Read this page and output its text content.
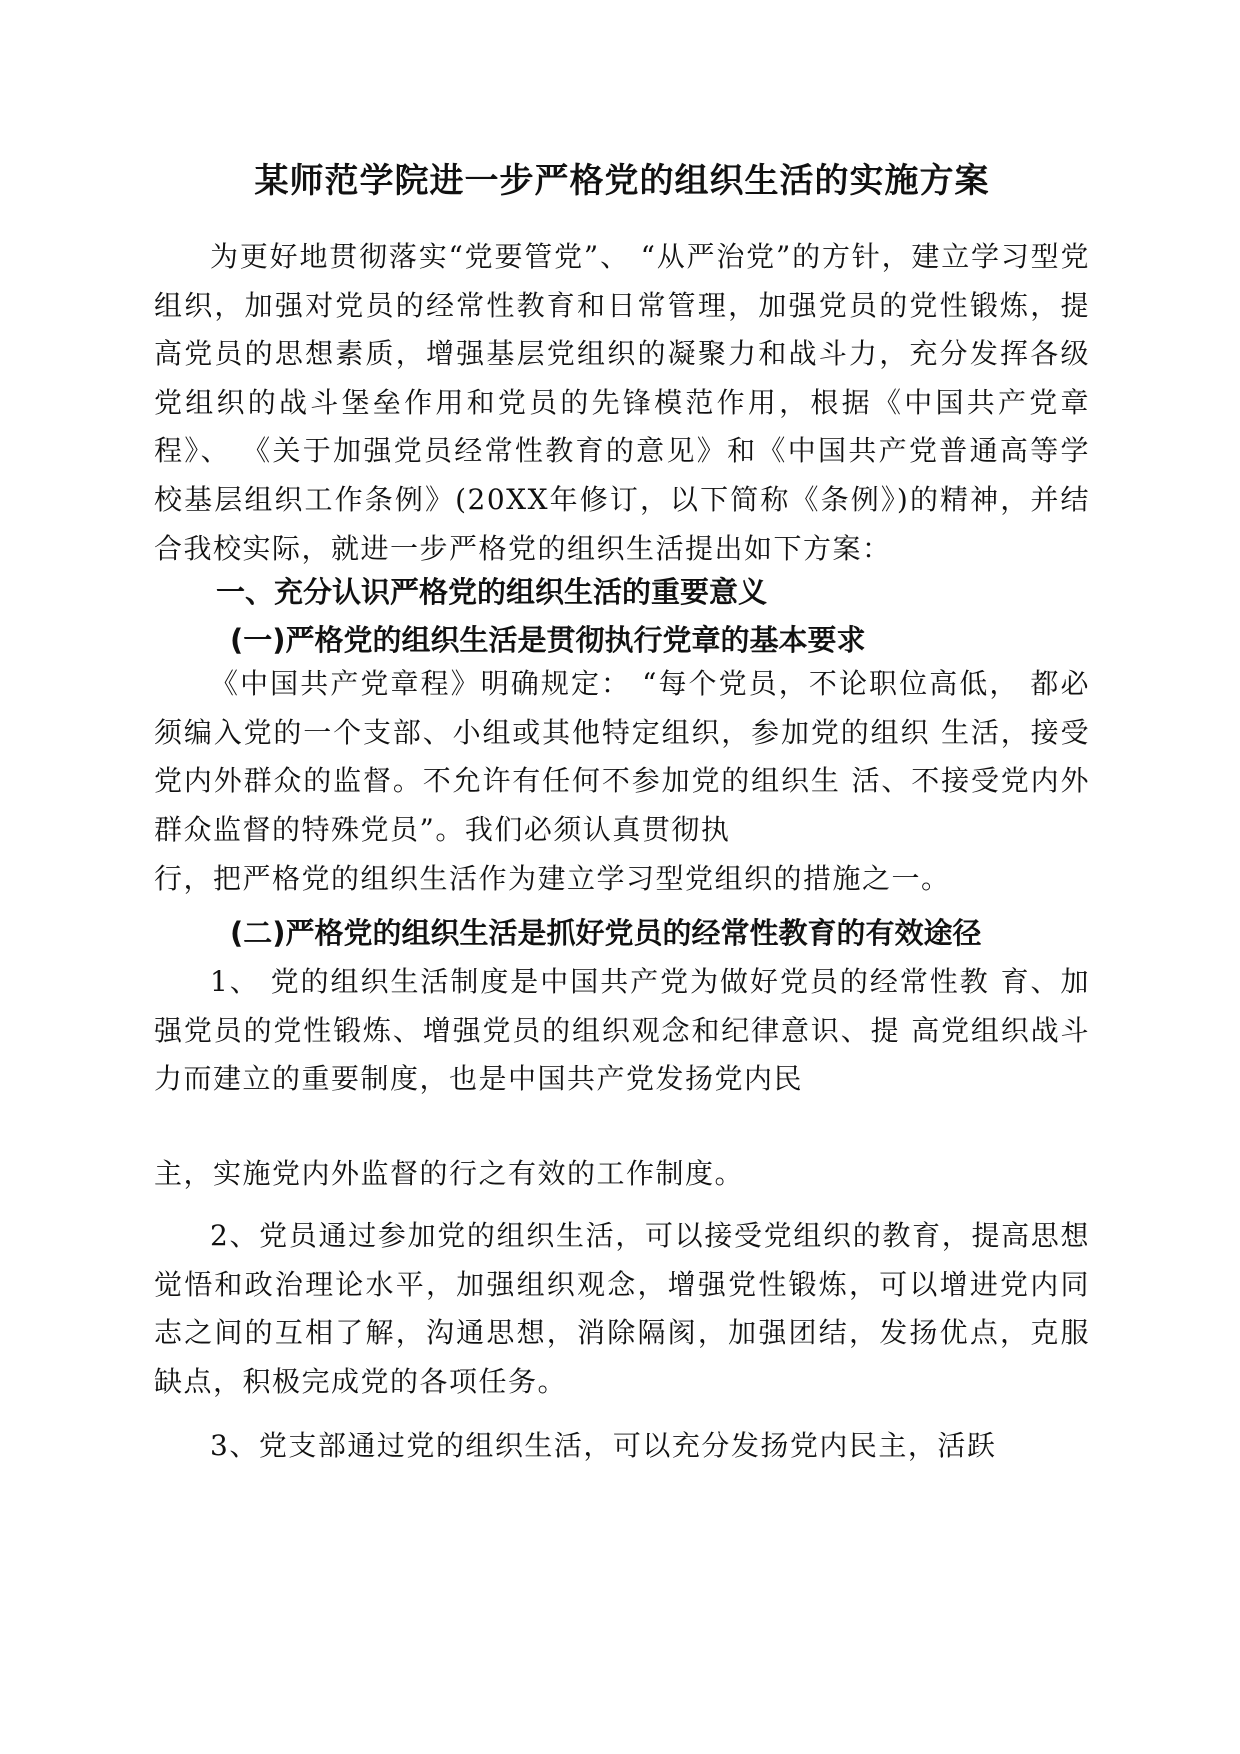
某师范学院进一步严格党的组织生活的实施方案

为更好地贯彻落实“党要管党”、 “从严治党”的方针，建立学习型党组织，加强对党员的经常性教育和日常管理，加强党员的党性锻炼，提高党员的思想素质，增强基层党组织的凝聚力和战斗力，充分发挥各级党组织的战斗堡垒作用和党员的先锋模范作用，根据《中国共产党章程》、 《关于加强党员经常性教育的意见》和《中国共产党普通高等学校基层组织工作条例》(20XX年修订，以下简称《条例》)的精神，并结合我校实际，就进一步严格党的组织生活提出如下方案：

一、充分认识严格党的组织生活的重要意义
(一)严格党的组织生活是贯彻执行党章的基本要求

《中国共产党章程》明确规定： “每个党员，不论职位高低， 都必须编入党的一个支部、小组或其他特定组织，参加党的组织 生活，接受党内外群众的监督。不允许有任何不参加党的组织生 活、不接受党内外群众监督的特殊党员”。我们必须认真贯彻执

行，把严格党的组织生活作为建立学习型党组织的措施之一。

(二)严格党的组织生活是抓好党员的经常性教育的有效途径

1、 党的组织生活制度是中国共产党为做好党员的经常性教 育、加强党员的党性锻炼、增强党员的组织观念和纪律意识、提 高党组织战斗力而建立的重要制度，也是中国共产党发扬党内民

主，实施党内外监督的行之有效的工作制度。

2、党员通过参加党的组织生活，可以接受党组织的教育，提高思想觉悟和政治理论水平，加强组织观念，增强党性锻炼，可以增进党内同志之间的互相了解，沟通思想，消除隔阂，加强团结，发扬优点，克服缺点，积极完成党的各项任务。

3、党支部通过党的组织生活，可以充分发扬党内民主，活跃
